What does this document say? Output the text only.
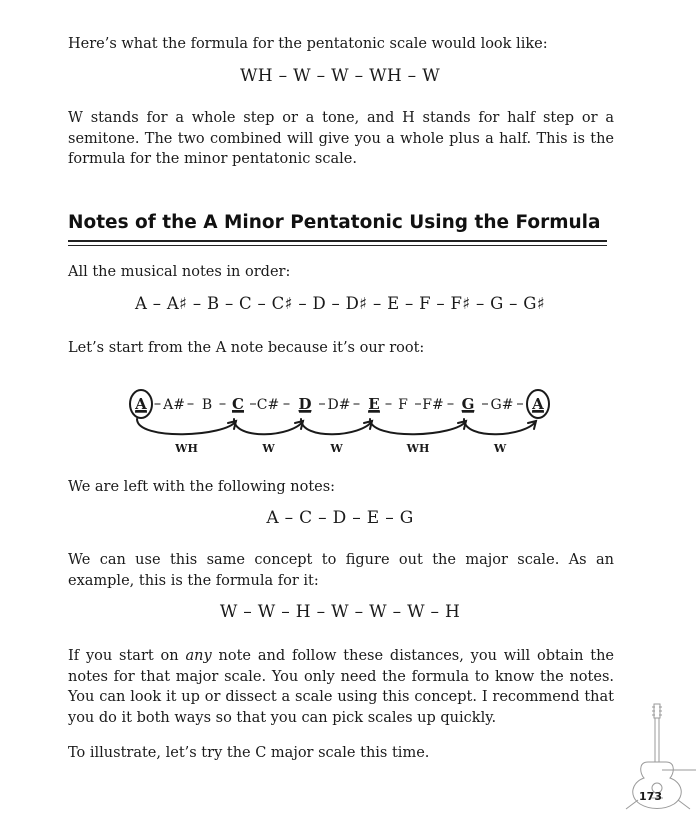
Here’s what the formula for the pentatonic scale would look like:

WH – W – W – WH – W

W stands for a whole step or a tone, and H stands for half step or a semitone. The two combined will give you a whole plus a half. This is the formula for the minor pentatonic scale.

Notes of the A Minor Pentatonic Using the Formula

All the musical notes in order:

A – A♯ – B – C – C♯ – D – D♯ – E – F – F♯ – G – G♯

Let’s start from the A note because it’s our root:

A A# B C C# D D# E F F# G G# A
WH	W	W	WH	W

We are left with the following notes:

A – C – D – E – G

We can use this same concept to figure out the major scale. As an example, this is the formula for it:

W – W – H – W – W – W – H

If you start on any note and follow these distances, you will obtain the notes for that major scale. You only need the formula to know the notes. You can look it up or dissect a scale using this concept. I recommend that you do it both ways so that you can pick scales up quickly.

To illustrate, let’s try the C major scale this time.

173
